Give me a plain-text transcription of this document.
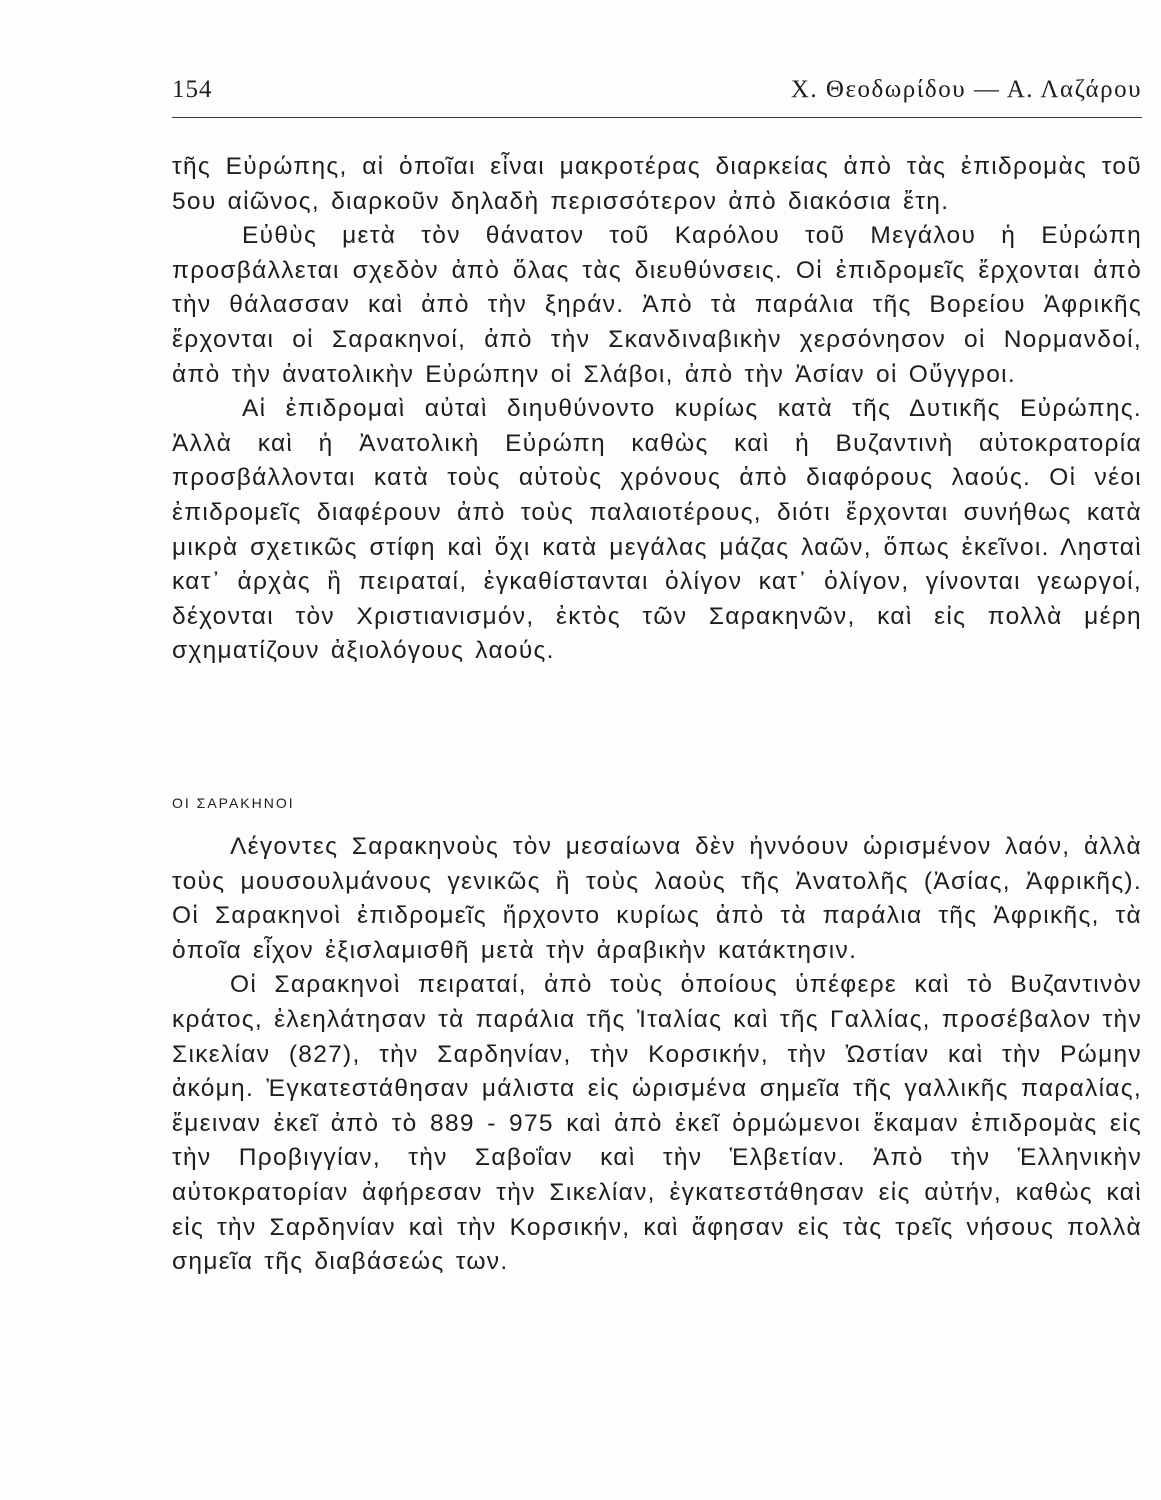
154	Χ. Θεοδωρίδου — Α. Λαζάρου

τῆς Εὐρώπης, αἱ ὁποῖαι εἶναι μακροτέρας διαρκείας ἀπὸ τὰς ἐπιδρομὰς τοῦ 5ου αἰῶνος, διαρκοῦν δηλαδὴ περισσότερον ἀπὸ διακόσια ἔτη.

Εὐθὺς μετὰ τὸν θάνατον τοῦ Καρόλου τοῦ Μεγάλου ἡ Εὐρώπη προσβάλλεται σχεδὸν ἀπὸ ὅλας τὰς διευθύνσεις. Οἱ ἐπιδρομεῖς ἔρχονται ἀπὸ τὴν θάλασσαν καὶ ἀπὸ τὴν ξηράν. Ἀπὸ τὰ παράλια τῆς Βορείου Ἀφρικῆς ἔρχονται οἱ Σαρακηνοί, ἀπὸ τὴν Σκανδιναβικὴν χερσόνησον οἱ Νορμανδοί, ἀπὸ τὴν ἀνατολικὴν Εὐρώπην οἱ Σλάβοι, ἀπὸ τὴν Ἀσίαν οἱ Οὔγγροι.

Αἱ ἐπιδρομαὶ αὐταὶ διηυθύνοντο κυρίως κατὰ τῆς Δυτικῆς Εὐρώπης. Ἀλλὰ καὶ ἡ Ἀνατολικὴ Εὐρώπη καθὼς καὶ ἡ Βυζαντινὴ αὐτοκρατορία προσβάλλονται κατὰ τοὺς αὐτοὺς χρόνους ἀπὸ διαφόρους λαούς. Οἱ νέοι ἐπιδρομεῖς διαφέρουν ἀπὸ τοὺς παλαιοτέρους, διότι ἔρχονται συνήθως κατὰ μικρὰ σχετικῶς στίφη καὶ ὄχι κατὰ μεγάλας μάζας λαῶν, ὅπως ἐκεῖνοι. Λησταὶ κατ᾿ ἀρχὰς ἢ πειραταί, ἐγκαθίστανται ὀλίγον κατ᾿ ὀλίγον, γίνονται γεωργοί, δέχονται τὸν Χριστιανισμόν, ἐκτὸς τῶν Σαρακηνῶν, καὶ εἰς πολλὰ μέρη σχηματίζουν ἀξιολόγους λαούς.

ΟΙ ΣΑΡΑΚΗΝΟΙ

Λέγοντες Σαρακηνοὺς τὸν μεσαίωνα δὲν ἠννόουν ὡρισμένον λαόν, ἀλλὰ τοὺς μουσουλμάνους γενικῶς ἢ τοὺς λαοὺς τῆς Ἀνατολῆς (Ἀσίας, Ἀφρικῆς). Οἱ Σαρακηνοὶ ἐπιδρομεῖς ἤρχοντο κυρίως ἀπὸ τὰ παράλια τῆς Ἀφρικῆς, τὰ ὁποῖα εἶχον ἐξισλαμισθῆ μετὰ τὴν ἀραβικὴν κατάκτησιν.

Οἱ Σαρακηνοὶ πειραταί, ἀπὸ τοὺς ὁποίους ὑπέφερε καὶ τὸ Βυζαντινὸν κράτος, ἐλεηλάτησαν τὰ παράλια τῆς Ἰταλίας καὶ τῆς Γαλλίας, προσέβαλον τὴν Σικελίαν (827), τὴν Σαρδηνίαν, τὴν Κορσικήν, τὴν Ὠστίαν καὶ τὴν Ρώμην ἀκόμη. Ἐγκατεστάθησαν μάλιστα εἰς ὡρισμένα σημεῖα τῆς γαλλικῆς παραλίας, ἔμειναν ἐκεῖ ἀπὸ τὸ 889 - 975 καὶ ἀπὸ ἐκεῖ ὁρμώμενοι ἔκαμαν ἐπιδρομὰς εἰς τὴν Προβιγγίαν, τὴν Σαβοΐαν καὶ τὴν Ἑλβετίαν. Ἀπὸ τὴν Ἑλληνικὴν αὐτοκρατορίαν ἀφήρεσαν τὴν Σικελίαν, ἐγκατεστάθησαν εἰς αὐτήν, καθὼς καὶ εἰς τὴν Σαρδηνίαν καὶ τὴν Κορσικήν, καὶ ἄφησαν εἰς τὰς τρεῖς νήσους πολλὰ σημεῖα τῆς διαβάσεώς των.
